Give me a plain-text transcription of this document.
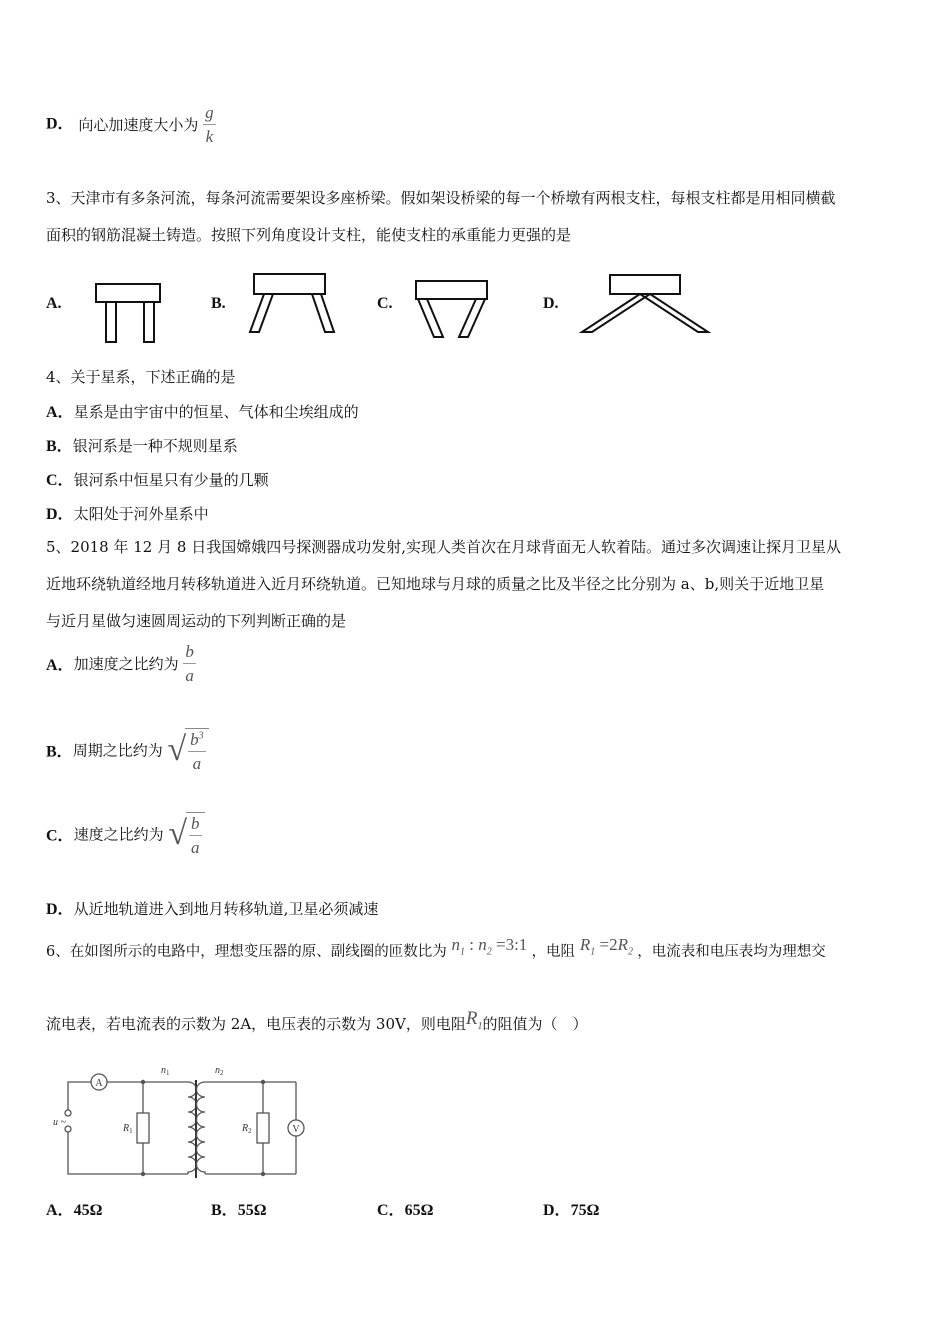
D． 向心加速度大小为 $\frac{g}{k}$
3、天津市有多条河流，每条河流需要架设多座桥梁。假如架设桥梁的每一个桥墩有两根支柱，每根支柱都是用相同横截
面积的钢筋混凝土铸造。按照下列角度设计支柱，能使支柱的承重能力更强的是
A.	B.	C.	D.
4、关于星系，下述正确的是
A．星系是由宇宙中的恒星、气体和尘埃组成的
B．银河系是一种不规则星系
C．银河系中恒星只有少量的几颗
D．太阳处于河外星系中
5、2018 年 12 月 8 日我国嫦娥四号探测器成功发射,实现人类首次在月球背面无人软着陆。通过多次调速让探月卫星从
近地环绕轨道经地月转移轨道进入近月环绕轨道。已知地球与月球的质量之比及半径之比分别为 a、b,则关于近地卫星
与近月星做匀速圆周运动的下列判断正确的是
A．加速度之比约为 $\frac{b}{a}$
B．周期之比约为 √ $\frac{b^3}{a}$
C．速度之比约为 √ $\frac{b}{a}$
D．从近地轨道进入到地月转移轨道,卫星必须减速
6、在如图所示的电路中，理想变压器的原、副线圈的匝数比为 $n_1$ : $n_2$ =3:1 ，电阻 $R_1 =2R_2$ ，电流表和电压表均为理想交
流电表，若电流表的示数为 2A，电压表的示数为 30V，则电阻$R_1$的阻值为（　）
A
V
u ~
$R_1$	$R_2$
$n_1$	$n_2$
A．45Ω	B．55Ω	C．65Ω	D．75Ω
